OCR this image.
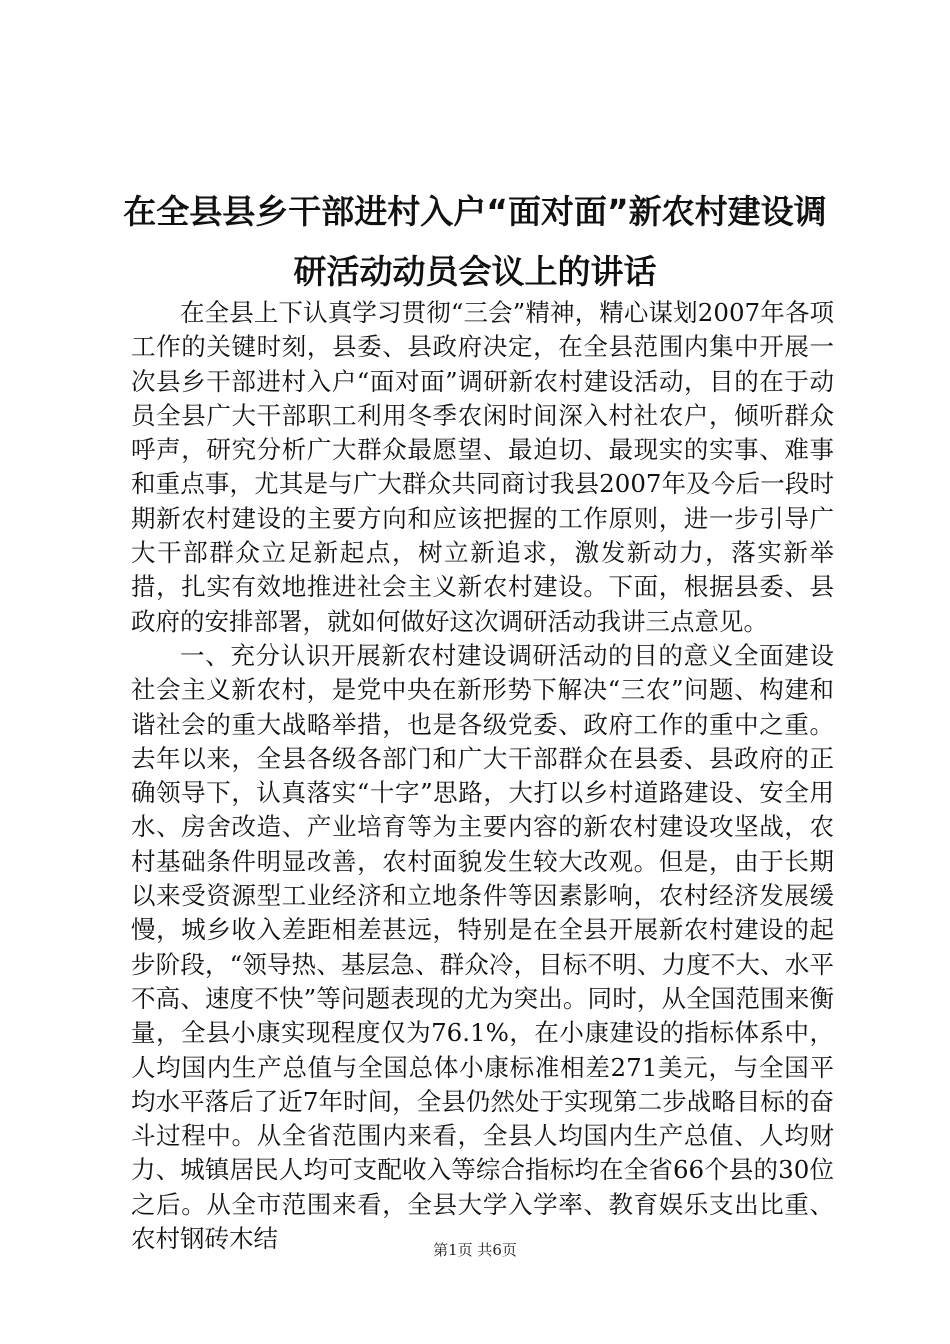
在全县县乡干部进村入户“面对面”新农村建设调研活动动员会议上的讲话

在全县上下认真学习贯彻“三会”精神，精心谋划2007年各项工作的关键时刻，县委、县政府决定，在全县范围内集中开展一次县乡干部进村入户“面对面”调研新农村建设活动，目的在于动员全县广大干部职工利用冬季农闲时间深入村社农户，倾听群众呼声，研究分析广大群众最愿望、最迫切、最现实的实事、难事和重点事，尤其是与广大群众共同商讨我县2007年及今后一段时期新农村建设的主要方向和应该把握的工作原则，进一步引导广大干部群众立足新起点，树立新追求，激发新动力，落实新举措，扎实有效地推进社会主义新农村建设。下面，根据县委、县政府的安排部署，就如何做好这次调研活动我讲三点意见。

一、充分认识开展新农村建设调研活动的目的意义全面建设社会主义新农村，是党中央在新形势下解决“三农”问题、构建和谐社会的重大战略举措，也是各级党委、政府工作的重中之重。去年以来，全县各级各部门和广大干部群众在县委、县政府的正确领导下，认真落实“十字”思路，大打以乡村道路建设、安全用水、房舍改造、产业培育等为主要内容的新农村建设攻坚战，农村基础条件明显改善，农村面貌发生较大改观。但是，由于长期以来受资源型工业经济和立地条件等因素影响，农村经济发展缓慢，城乡收入差距相差甚远，特别是在全县开展新农村建设的起步阶段，“领导热、基层急、群众冷，目标不明、力度不大、水平不高、速度不快”等问题表现的尤为突出。同时，从全国范围来衡量，全县小康实现程度仅为76.1%，在小康建设的指标体系中，人均国内生产总值与全国总体小康标准相差271美元，与全国平均水平落后了近7年时间，全县仍然处于实现第二步战略目标的奋斗过程中。从全省范围内来看，全县人均国内生产总值、人均财力、城镇居民人均可支配收入等综合指标均在全省66个县的30位之后。从全市范围来看，全县大学入学率、教育娱乐支出比重、农村钢砖木结	第1页 共6页
